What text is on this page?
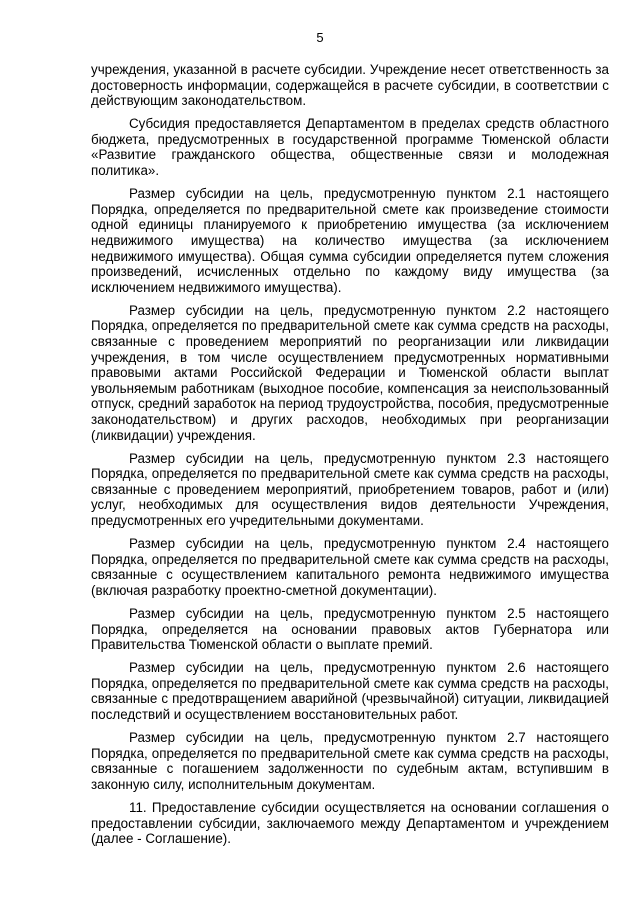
5

учреждения, указанной в расчете субсидии. Учреждение несет ответственность за достоверность информации, содержащейся в расчете субсидии, в соответствии с действующим законодательством.

Субсидия предоставляется Департаментом в пределах средств областного бюджета, предусмотренных в государственной программе Тюменской области «Развитие гражданского общества, общественные связи и молодежная политика».

Размер субсидии на цель, предусмотренную пунктом 2.1 настоящего Порядка, определяется по предварительной смете как произведение стоимости одной единицы планируемого к приобретению имущества (за исключением недвижимого имущества) на количество имущества (за исключением недвижимого имущества). Общая сумма субсидии определяется путем сложения произведений, исчисленных отдельно по каждому виду имущества (за исключением недвижимого имущества).

Размер субсидии на цель, предусмотренную пунктом 2.2 настоящего Порядка, определяется по предварительной смете как сумма средств на расходы, связанные с проведением мероприятий по реорганизации или ликвидации учреждения, в том числе осуществлением предусмотренных нормативными правовыми актами Российской Федерации и Тюменской области выплат увольняемым работникам (выходное пособие, компенсация за неиспользованный отпуск, средний заработок на период трудоустройства, пособия, предусмотренные законодательством) и других расходов, необходимых при реорганизации (ликвидации) учреждения.

Размер субсидии на цель, предусмотренную пунктом 2.3 настоящего Порядка, определяется по предварительной смете как сумма средств на расходы, связанные с проведением мероприятий, приобретением товаров, работ и (или) услуг, необходимых для осуществления видов деятельности Учреждения, предусмотренных его учредительными документами.

Размер субсидии на цель, предусмотренную пунктом 2.4 настоящего Порядка, определяется по предварительной смете как сумма средств на расходы, связанные с осуществлением капитального ремонта недвижимого имущества (включая разработку проектно-сметной документации).

Размер субсидии на цель, предусмотренную пунктом 2.5 настоящего Порядка, определяется на основании правовых актов Губернатора или Правительства Тюменской области о выплате премий.

Размер субсидии на цель, предусмотренную пунктом 2.6 настоящего Порядка, определяется по предварительной смете как сумма средств на расходы, связанные с предотвращением аварийной (чрезвычайной) ситуации, ликвидацией последствий и осуществлением восстановительных работ.

Размер субсидии на цель, предусмотренную пунктом 2.7 настоящего Порядка, определяется по предварительной смете как сумма средств на расходы, связанные с погашением задолженности по судебным актам, вступившим в законную силу, исполнительным документам.

11. Предоставление субсидии осуществляется на основании соглашения о предоставлении субсидии, заключаемого между Департаментом и учреждением (далее - Соглашение).
